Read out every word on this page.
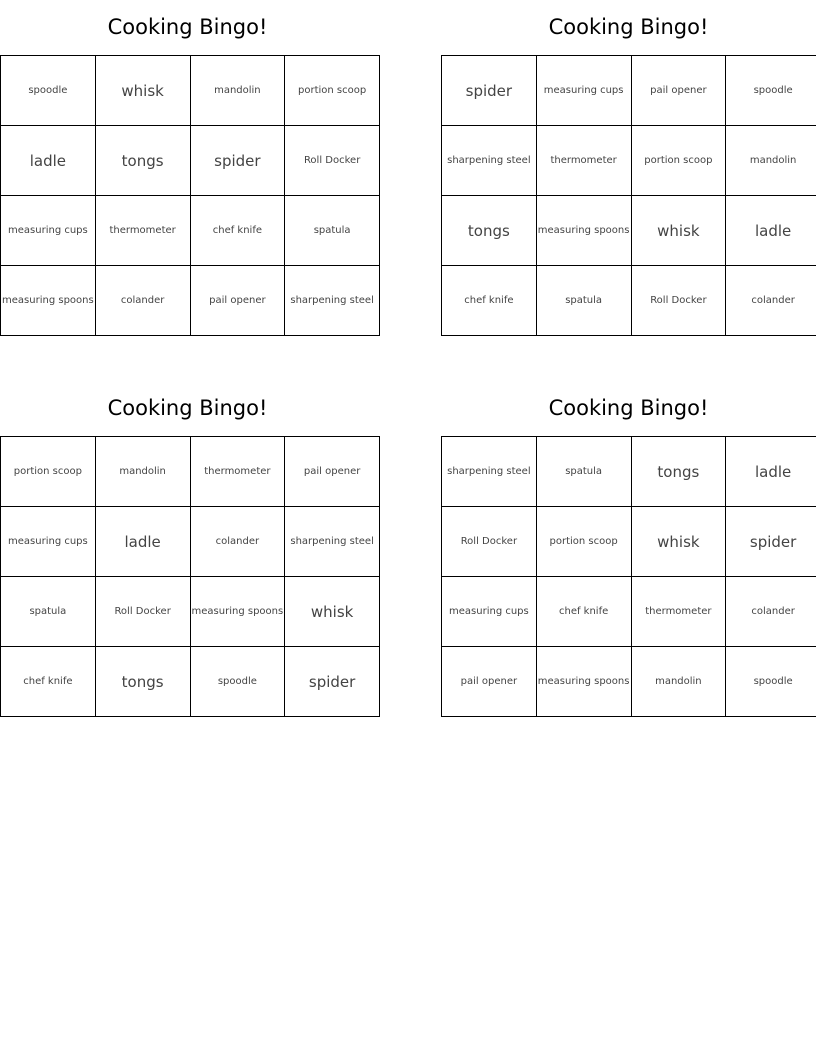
Cooking Bingo!
spoodle	whisk	mandolin	portion scoop
ladle	tongs	spider	Roll Docker
measuring cups	thermometer	chef knife	spatula
measuring spoons	colander	pail opener	sharpening steel
Cooking Bingo!
spider	measuring cups	pail opener	spoodle
sharpening steel	thermometer	portion scoop	mandolin
tongs	measuring spoons	whisk	ladle
chef knife	spatula	Roll Docker	colander
Cooking Bingo!
portion scoop	mandolin	thermometer	pail opener
measuring cups	ladle	colander	sharpening steel
spatula	Roll Docker	measuring spoons	whisk
chef knife	tongs	spoodle	spider
Cooking Bingo!
sharpening steel	spatula	tongs	ladle
Roll Docker	portion scoop	whisk	spider
measuring cups	chef knife	thermometer	colander
pail opener	measuring spoons	mandolin	spoodle
